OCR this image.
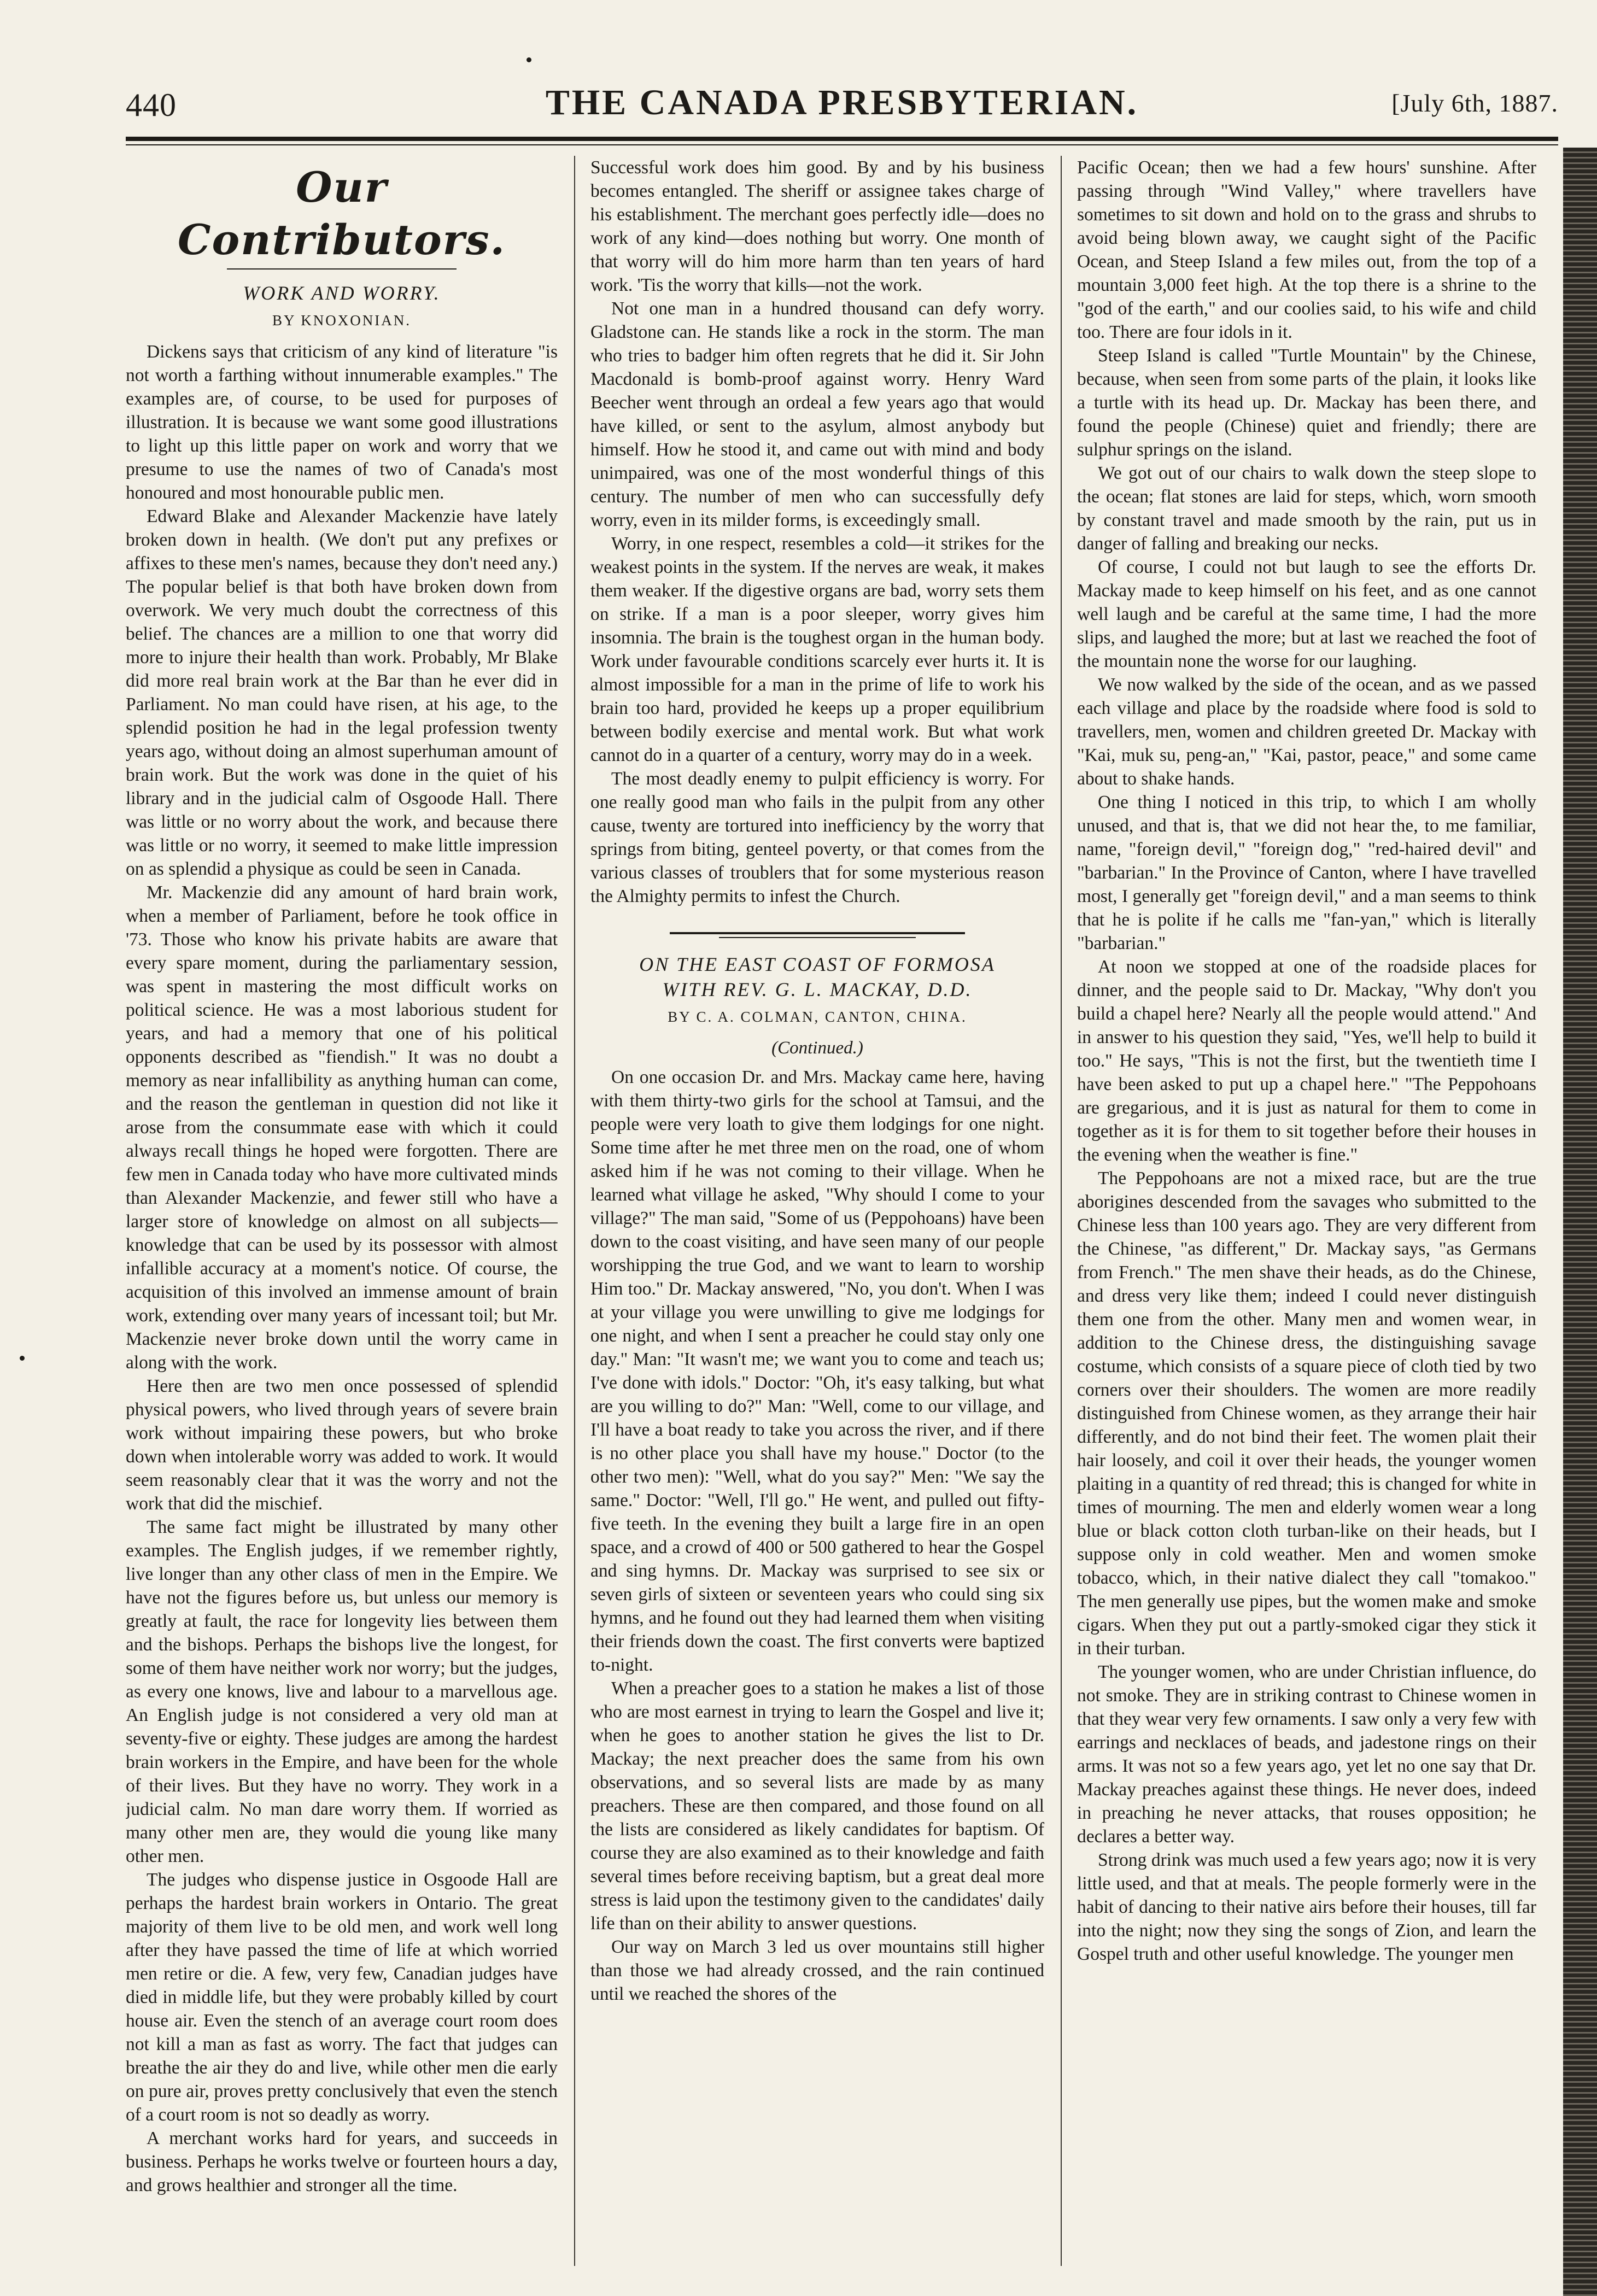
440	THE CANADA PRESBYTERIAN.	[July 6th, 1887.
Our Contributors.
WORK AND WORRY.
BY KNOXONIAN.

Dickens says that criticism of any kind of literature "is not worth a farthing without innumerable examples." The examples are, of course, to be used for purposes of illustration. It is because we want some good illustrations to light up this little paper on work and worry that we presume to use the names of two of Canada's most honoured and most honourable public men.

Edward Blake and Alexander Mackenzie have lately broken down in health. (We don't put any prefixes or affixes to these men's names, because they don't need any.) The popular belief is that both have broken down from overwork. We very much doubt the correctness of this belief. The chances are a million to one that worry did more to injure their health than work. Probably, Mr Blake did more real brain work at the Bar than he ever did in Parliament. No man could have risen, at his age, to the splendid position he had in the legal profession twenty years ago, without doing an almost superhuman amount of brain work. But the work was done in the quiet of his library and in the judicial calm of Osgoode Hall. There was little or no worry about the work, and because there was little or no worry, it seemed to make little impression on as splendid a physique as could be seen in Canada.

Mr. Mackenzie did any amount of hard brain work, when a member of Parliament, before he took office in '73. Those who know his private habits are aware that every spare moment, during the parliamentary session, was spent in mastering the most difficult works on political science. He was a most laborious student for years, and had a memory that one of his political opponents described as "fiendish." It was no doubt a memory as near infallibility as anything human can come, and the reason the gentleman in question did not like it arose from the consummate ease with which it could always recall things he hoped were forgotten. There are few men in Canada today who have more cultivated minds than Alexander Mackenzie, and fewer still who have a larger store of knowledge on almost on all subjects—knowledge that can be used by its possessor with almost infallible accuracy at a moment's notice. Of course, the acquisition of this involved an immense amount of brain work, extending over many years of incessant toil; but Mr. Mackenzie never broke down until the worry came in along with the work.

Here then are two men once possessed of splendid physical powers, who lived through years of severe brain work without impairing these powers, but who broke down when intolerable worry was added to work. It would seem reasonably clear that it was the worry and not the work that did the mischief.

The same fact might be illustrated by many other examples. The English judges, if we remember rightly, live longer than any other class of men in the Empire. We have not the figures before us, but unless our memory is greatly at fault, the race for longevity lies between them and the bishops. Perhaps the bishops live the longest, for some of them have neither work nor worry; but the judges, as every one knows, live and labour to a marvellous age. An English judge is not considered a very old man at seventy-five or eighty. These judges are among the hardest brain workers in the Empire, and have been for the whole of their lives. But they have no worry. They work in a judicial calm. No man dare worry them. If worried as many other men are, they would die young like many other men.

The judges who dispense justice in Osgoode Hall are perhaps the hardest brain workers in Ontario. The great majority of them live to be old men, and work well long after they have passed the time of life at which worried men retire or die. A few, very few, Canadian judges have died in middle life, but they were probably killed by court house air. Even the stench of an average court room does not kill a man as fast as worry. The fact that judges can breathe the air they do and live, while other men die early on pure air, proves pretty conclusively that even the stench of a court room is not so deadly as worry.

A merchant works hard for years, and succeeds in business. Perhaps he works twelve or fourteen hours a day, and grows healthier and stronger all the time.

Successful work does him good. By and by his business becomes entangled. The sheriff or assignee takes charge of his establishment. The merchant goes perfectly idle—does no work of any kind—does nothing but worry. One month of that worry will do him more harm than ten years of hard work. 'Tis the worry that kills—not the work.

Not one man in a hundred thousand can defy worry. Gladstone can. He stands like a rock in the storm. The man who tries to badger him often regrets that he did it. Sir John Macdonald is bomb-proof against worry. Henry Ward Beecher went through an ordeal a few years ago that would have killed, or sent to the asylum, almost anybody but himself. How he stood it, and came out with mind and body unimpaired, was one of the most wonderful things of this century. The number of men who can successfully defy worry, even in its milder forms, is exceedingly small.

Worry, in one respect, resembles a cold—it strikes for the weakest points in the system. If the nerves are weak, it makes them weaker. If the digestive organs are bad, worry sets them on strike. If a man is a poor sleeper, worry gives him insomnia. The brain is the toughest organ in the human body. Work under favourable conditions scarcely ever hurts it. It is almost impossible for a man in the prime of life to work his brain too hard, provided he keeps up a proper equilibrium between bodily exercise and mental work. But what work cannot do in a quarter of a century, worry may do in a week.

The most deadly enemy to pulpit efficiency is worry. For one really good man who fails in the pulpit from any other cause, twenty are tortured into inefficiency by the worry that springs from biting, genteel poverty, or that comes from the various classes of troublers that for some mysterious reason the Almighty permits to infest the Church.

ON THE EAST COAST OF FORMOSA
WITH REV. G. L. MACKAY, D.D.
BY C. A. COLMAN, CANTON, CHINA.
(Continued.)

On one occasion Dr. and Mrs. Mackay came here, having with them thirty-two girls for the school at Tamsui, and the people were very loath to give them lodgings for one night. Some time after he met three men on the road, one of whom asked him if he was not coming to their village. When he learned what village he asked, "Why should I come to your village?" The man said, "Some of us (Peppohoans) have been down to the coast visiting, and have seen many of our people worshipping the true God, and we want to learn to worship Him too." Dr. Mackay answered, "No, you don't. When I was at your village you were unwilling to give me lodgings for one night, and when I sent a preacher he could stay only one day." Man: "It wasn't me; we want you to come and teach us; I've done with idols." Doctor: "Oh, it's easy talking, but what are you willing to do?" Man: "Well, come to our village, and I'll have a boat ready to take you across the river, and if there is no other place you shall have my house." Doctor (to the other two men): "Well, what do you say?" Men: "We say the same." Doctor: "Well, I'll go." He went, and pulled out fifty-five teeth. In the evening they built a large fire in an open space, and a crowd of 400 or 500 gathered to hear the Gospel and sing hymns. Dr. Mackay was surprised to see six or seven girls of sixteen or seventeen years who could sing six hymns, and he found out they had learned them when visiting their friends down the coast. The first converts were baptized to-night.

When a preacher goes to a station he makes a list of those who are most earnest in trying to learn the Gospel and live it; when he goes to another station he gives the list to Dr. Mackay; the next preacher does the same from his own observations, and so several lists are made by as many preachers. These are then compared, and those found on all the lists are considered as likely candidates for baptism. Of course they are also examined as to their knowledge and faith several times before receiving baptism, but a great deal more stress is laid upon the testimony given to the candidates' daily life than on their ability to answer questions.

Our way on March 3 led us over mountains still higher than those we had already crossed, and the rain continued until we reached the shores of the

Pacific Ocean; then we had a few hours' sunshine. After passing through "Wind Valley," where travellers have sometimes to sit down and hold on to the grass and shrubs to avoid being blown away, we caught sight of the Pacific Ocean, and Steep Island a few miles out, from the top of a mountain 3,000 feet high. At the top there is a shrine to the "god of the earth," and our coolies said, to his wife and child too. There are four idols in it.

Steep Island is called "Turtle Mountain" by the Chinese, because, when seen from some parts of the plain, it looks like a turtle with its head up. Dr. Mackay has been there, and found the people (Chinese) quiet and friendly; there are sulphur springs on the island.

We got out of our chairs to walk down the steep slope to the ocean; flat stones are laid for steps, which, worn smooth by constant travel and made smooth by the rain, put us in danger of falling and breaking our necks.

Of course, I could not but laugh to see the efforts Dr. Mackay made to keep himself on his feet, and as one cannot well laugh and be careful at the same time, I had the more slips, and laughed the more; but at last we reached the foot of the mountain none the worse for our laughing.

We now walked by the side of the ocean, and as we passed each village and place by the roadside where food is sold to travellers, men, women and children greeted Dr. Mackay with "Kai, muk su, peng-an," "Kai, pastor, peace," and some came about to shake hands.

One thing I noticed in this trip, to which I am wholly unused, and that is, that we did not hear the, to me familiar, name, "foreign devil," "foreign dog," "red-haired devil" and "barbarian." In the Province of Canton, where I have travelled most, I generally get "foreign devil," and a man seems to think that he is polite if he calls me "fan-yan," which is literally "barbarian."

At noon we stopped at one of the roadside places for dinner, and the people said to Dr. Mackay, "Why don't you build a chapel here? Nearly all the people would attend." And in answer to his question they said, "Yes, we'll help to build it too." He says, "This is not the first, but the twentieth time I have been asked to put up a chapel here." "The Peppohoans are gregarious, and it is just as natural for them to come in together as it is for them to sit together before their houses in the evening when the weather is fine."

The Peppohoans are not a mixed race, but are the true aborigines descended from the savages who submitted to the Chinese less than 100 years ago. They are very different from the Chinese, "as different," Dr. Mackay says, "as Germans from French." The men shave their heads, as do the Chinese, and dress very like them; indeed I could never distinguish them one from the other. Many men and women wear, in addition to the Chinese dress, the distinguishing savage costume, which consists of a square piece of cloth tied by two corners over their shoulders. The women are more readily distinguished from Chinese women, as they arrange their hair differently, and do not bind their feet. The women plait their hair loosely, and coil it over their heads, the younger women plaiting in a quantity of red thread; this is changed for white in times of mourning. The men and elderly women wear a long blue or black cotton cloth turban-like on their heads, but I suppose only in cold weather. Men and women smoke tobacco, which, in their native dialect they call "tomakoo." The men generally use pipes, but the women make and smoke cigars. When they put out a partly-smoked cigar they stick it in their turban.

The younger women, who are under Christian influence, do not smoke. They are in striking contrast to Chinese women in that they wear very few ornaments. I saw only a very few with earrings and necklaces of beads, and jadestone rings on their arms. It was not so a few years ago, yet let no one say that Dr. Mackay preaches against these things. He never does, indeed in preaching he never attacks, that rouses opposition; he declares a better way.

Strong drink was much used a few years ago; now it is very little used, and that at meals. The people formerly were in the habit of dancing to their native airs before their houses, till far into the night; now they sing the songs of Zion, and learn the Gospel truth and other useful knowledge. The younger men
